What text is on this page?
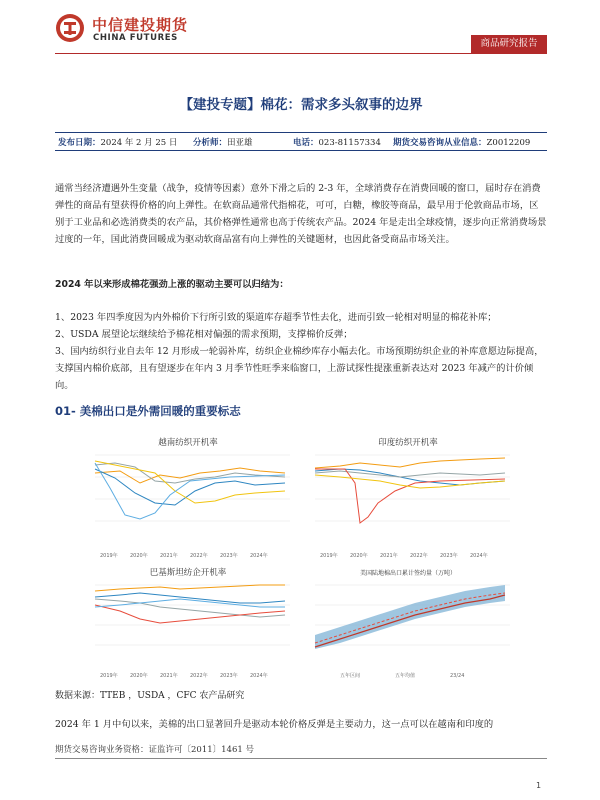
中信建投期货
CHINA FUTURES	商品研究报告
【建投专题】棉花：需求多头叙事的边界
发布日期：2024 年 2 月 25 日 分析师：田亚雄	电话：023-81157334 期货交易咨询从业信息：Z0012209
通常当经济遭遇外生变量（战争，疫情等因素）意外下滑之后的 2-3 年，全球消费存在消费回暖的窗口，届时存在消费弹性的商品有望获得价格的向上弹性。在软商品通常代指棉花，可可，白糖，橡胶等商品，最早用于伦敦商品市场，区别于工业品和必选消费类的农产品，其价格弹性通常也高于传统农产品。2024 年是走出全球疫情，逐步向正常消费场景过度的一年，国此消费回暖成为驱动软商品富有向上弹性的关键题材，也因此备受商品市场关注。
2024 年以来形成棉花强劲上涨的驱动主要可以归结为：
1、2023 年四季度因为内外棉价下行所引致的渠道库存超季节性去化，进而引致一轮相对明显的棉花补库；
2、USDA 展望论坛继续给予棉花相对偏强的需求预期，支撑棉价反弹；
3、国内纺织行业自去年 12 月形成一轮弱补库，纺织企业棉纱库存小幅去化。市场预期纺织企业的补库意愿边际提高，支撑国内棉价底部，且有望逐步在年内 3 月季节性旺季来临窗口，上游试探性提涨重新表达对 2023 年减产的计价倾向。
01- 美棉出口是外需回暖的重要标志
越南纺织开机率
2019年 2020年 2021年 2022年 2023年 2024年
印度纺织开机率
2019年 2020年 2021年 2022年 2023年 2024年
巴基斯坦纺企开机率
2019年 2020年 2021年 2022年 2023年 2024年
美国陆地棉出口累计签约量（万吨）
五年区间	五年均值	23/24
数据来源：TTEB ，USDA ，CFC 农产品研究
2024 年 1 月中旬以来，美棉的出口显著回升是驱动本轮价格反弹是主要动力，这一点可以在越南和印度的
期货交易咨询业务资格：证监许可〔2011〕1461 号
1
